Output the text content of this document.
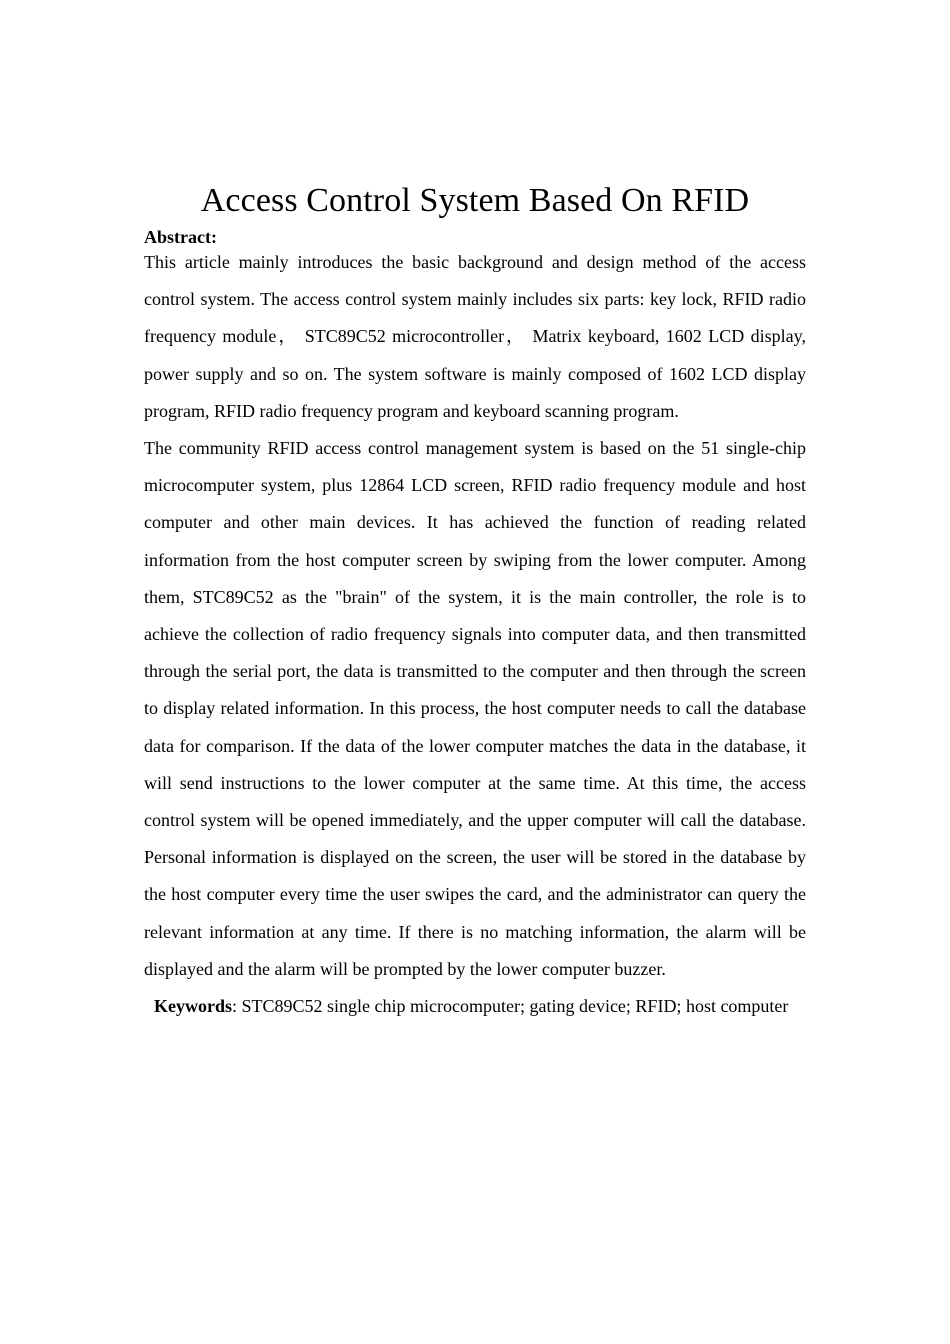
Access Control System Based On RFID
Abstract:

This article mainly introduces the basic background and design method of the access control system. The access control system mainly includes six parts: key lock, RFID radio frequency module， STC89C52 microcontroller， Matrix keyboard, 1602 LCD display, power supply and so on. The system software is mainly composed of 1602 LCD display program, RFID radio frequency program and keyboard scanning program.

The community RFID access control management system is based on the 51 single-chip microcomputer system, plus 12864 LCD screen, RFID radio frequency module and host computer and other main devices. It has achieved the function of reading related information from the host computer screen by swiping from the lower computer. Among them, STC89C52 as the "brain" of the system, it is the main controller, the role is to achieve the collection of radio frequency signals into computer data, and then transmitted through the serial port, the data is transmitted to the computer and then through the screen to display related information. In this process, the host computer needs to call the database data for comparison. If the data of the lower computer matches the data in the database, it will send instructions to the lower computer at the same time. At this time, the access control system will be opened immediately, and the upper computer will call the database. Personal information is displayed on the screen, the user will be stored in the database by the host computer every time the user swipes the card, and the administrator can query the relevant information at any time. If there is no matching information, the alarm will be displayed and the alarm will be prompted by the lower computer buzzer.

Keywords: STC89C52 single chip microcomputer; gating device; RFID; host computer
